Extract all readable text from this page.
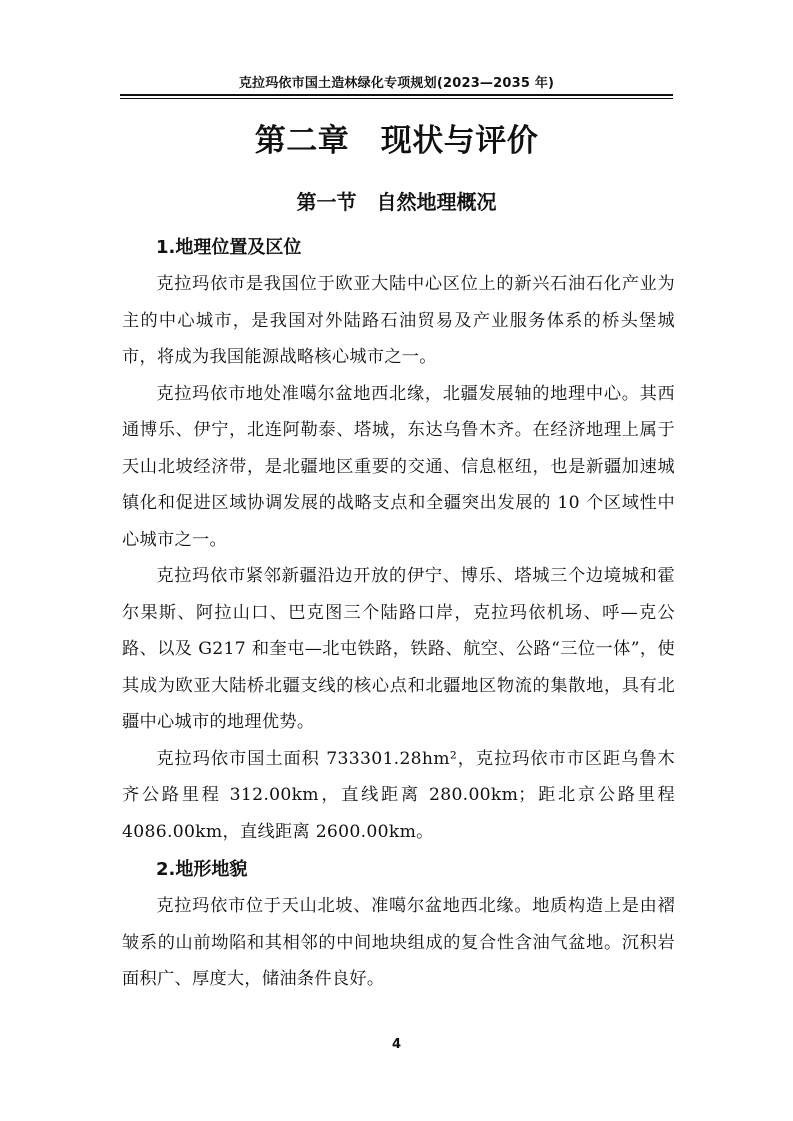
克拉玛依市国土造林绿化专项规划(2023—2035 年)
第二章　现状与评价
第一节　自然地理概况

1.地理位置及区位

克拉玛依市是我国位于欧亚大陆中心区位上的新兴石油石化产业为主的中心城市，是我国对外陆路石油贸易及产业服务体系的桥头堡城市，将成为我国能源战略核心城市之一。

克拉玛依市地处准噶尔盆地西北缘，北疆发展轴的地理中心。其西通博乐、伊宁，北连阿勒泰、塔城，东达乌鲁木齐。在经济地理上属于天山北坡经济带，是北疆地区重要的交通、信息枢纽，也是新疆加速城镇化和促进区域协调发展的战略支点和全疆突出发展的 10 个区域性中心城市之一。

克拉玛依市紧邻新疆沿边开放的伊宁、博乐、塔城三个边境城和霍尔果斯、阿拉山口、巴克图三个陆路口岸，克拉玛依机场、呼—克公路、以及 G217 和奎屯—北屯铁路，铁路、航空、公路“三位一体”，使其成为欧亚大陆桥北疆支线的核心点和北疆地区物流的集散地，具有北疆中心城市的地理优势。

克拉玛依市国土面积 733301.28hm²，克拉玛依市市区距乌鲁木齐公路里程 312.00km，直线距离 280.00km；距北京公路里程 4086.00km，直线距离 2600.00km。

2.地形地貌

克拉玛依市位于天山北坡、准噶尔盆地西北缘。地质构造上是由褶皱系的山前坳陷和其相邻的中间地块组成的复合性含油气盆地。沉积岩面积广、厚度大，储油条件良好。

4
